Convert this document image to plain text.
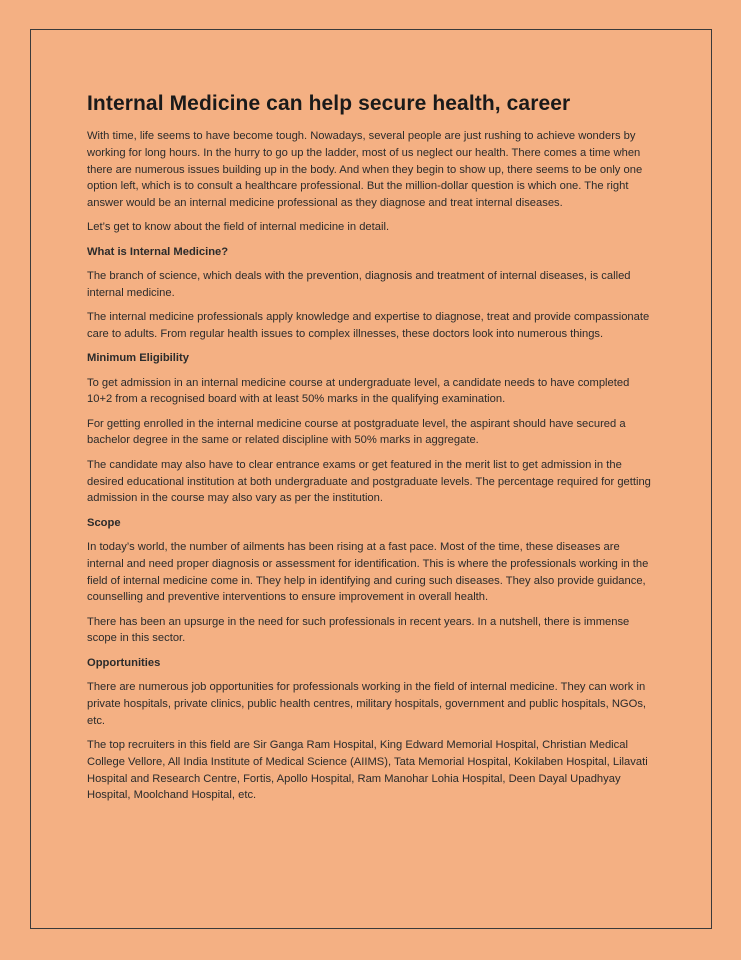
Internal Medicine can help secure health, career

With time, life seems to have become tough. Nowadays, several people are just rushing to achieve wonders by working for long hours. In the hurry to go up the ladder, most of us neglect our health. There comes a time when there are numerous issues building up in the body. And when they begin to show up, there seems to be only one option left, which is to consult a healthcare professional. But the million-dollar question is which one. The right answer would be an internal medicine professional as they diagnose and treat internal diseases.

Let’s get to know about the field of internal medicine in detail.

What is Internal Medicine?

The branch of science, which deals with the prevention, diagnosis and treatment of internal diseases, is called internal medicine.

The internal medicine professionals apply knowledge and expertise to diagnose, treat and provide compassionate care to adults. From regular health issues to complex illnesses, these doctors look into numerous things.

Minimum Eligibility

To get admission in an internal medicine course at undergraduate level, a candidate needs to have completed 10+2 from a recognised board with at least 50% marks in the qualifying examination.

For getting enrolled in the internal medicine course at postgraduate level, the aspirant should have secured a bachelor degree in the same or related discipline with 50% marks in aggregate.

The candidate may also have to clear entrance exams or get featured in the merit list to get admission in the desired educational institution at both undergraduate and postgraduate levels. The percentage required for getting admission in the course may also vary as per the institution.

Scope

In today’s world, the number of ailments has been rising at a fast pace. Most of the time, these diseases are internal and need proper diagnosis or assessment for identification. This is where the professionals working in the field of internal medicine come in. They help in identifying and curing such diseases. They also provide guidance, counselling and preventive interventions to ensure improvement in overall health.

There has been an upsurge in the need for such professionals in recent years. In a nutshell, there is immense scope in this sector.

Opportunities

There are numerous job opportunities for professionals working in the field of internal medicine. They can work in private hospitals, private clinics, public health centres, military hospitals, government and public hospitals, NGOs, etc.

The top recruiters in this field are Sir Ganga Ram Hospital, King Edward Memorial Hospital, Christian Medical College Vellore, All India Institute of Medical Science (AIIMS), Tata Memorial Hospital, Kokilaben Hospital, Lilavati Hospital and Research Centre, Fortis, Apollo Hospital, Ram Manohar Lohia Hospital, Deen Dayal Upadhyay Hospital, Moolchand Hospital, etc.
